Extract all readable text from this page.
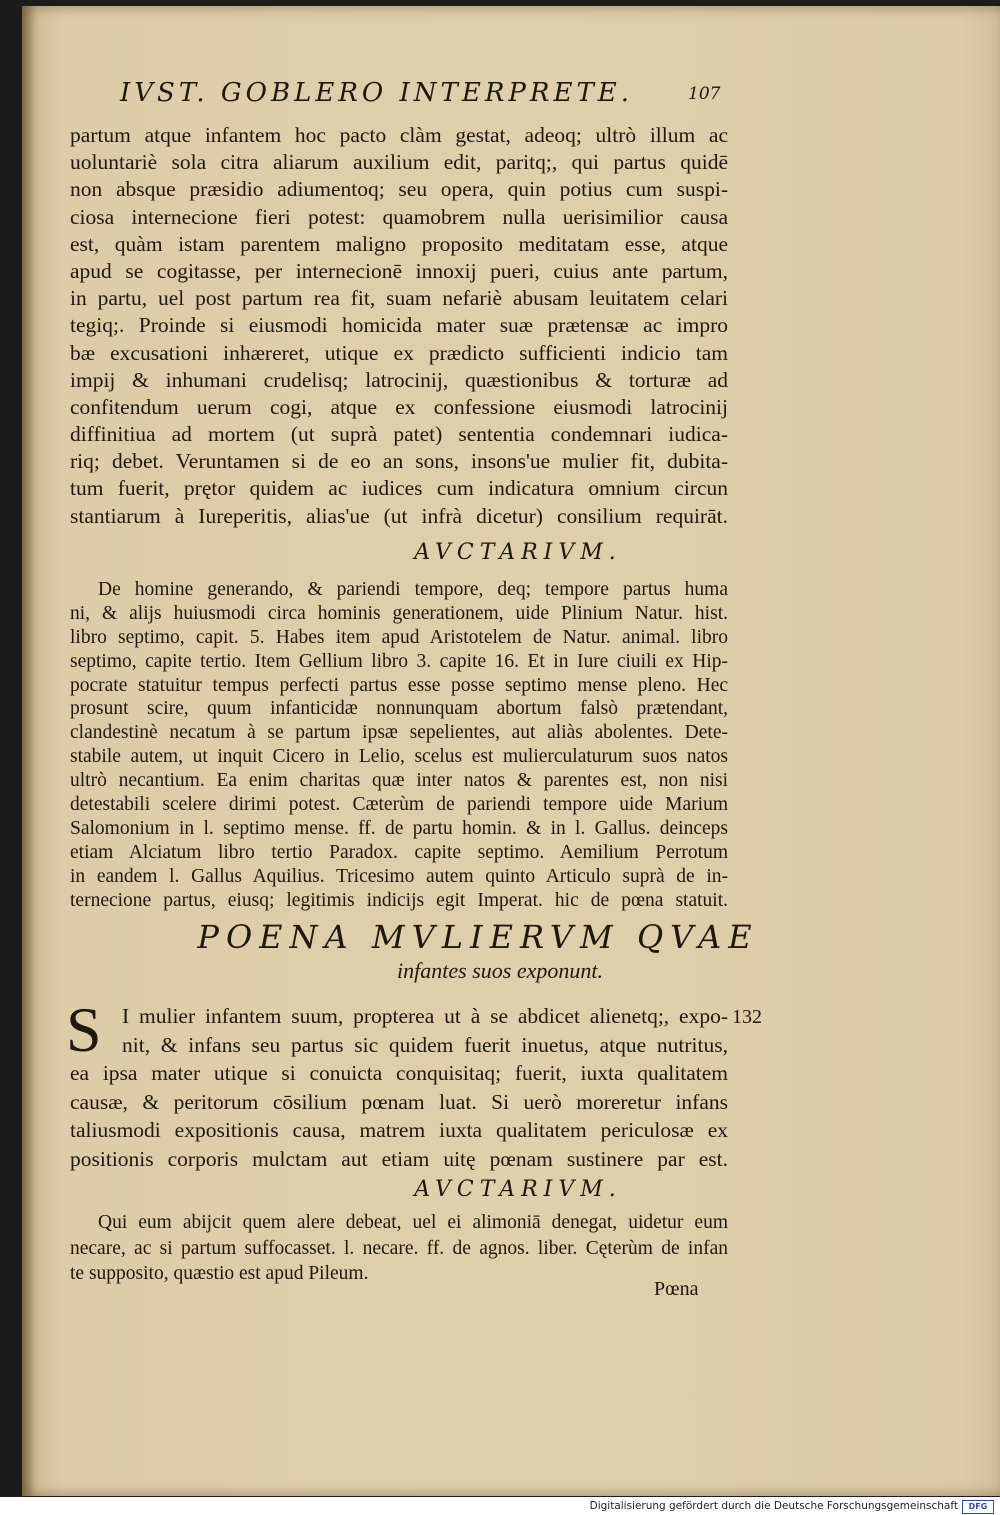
IVST. GOBLERO INTERPRETE.	107
partum atque infantem hoc pacto clàm gestat, adeoq; ultrò illum ac
uoluntariè sola citra aliarum auxilium edit, paritq;, qui partus quidē
non absque præsidio adiumentoq; seu opera, quin potius cum suspi-
ciosa internecione fieri potest: quamobrem nulla uerisimilior causa
est, quàm istam parentem maligno proposito meditatam esse, atque
apud se cogitasse, per internecionē innoxij pueri, cuius ante partum,
in partu, uel post partum rea fit, suam nefariè abusam leuitatem celari
tegiq;. Proinde si eiusmodi homicida mater suæ prætensæ ac impro
bæ excusationi inhæreret, utique ex prædicto sufficienti indicio tam
impij & inhumani crudelisq; latrocinij, quæstionibus & torturæ ad
confitendum uerum cogi, atque ex confessione eiusmodi latrocinij
diffinitiua ad mortem (ut suprà patet) sententia condemnari iudica-
riq; debet. Veruntamen si de eo an sons, insons'ue mulier fit, dubita-
tum fuerit, prętor quidem ac iudices cum indicatura omnium circun
stantiarum à Iureperitis, alias'ue (ut infrà dicetur) consilium requirāt.
AVCTARIVM.
De homine generando, & pariendi tempore, deq; tempore partus huma
ni, & alijs huiusmodi circa hominis generationem, uide Plinium Natur. hist.
libro septimo, capit. 5. Habes item apud Aristotelem de Natur. animal. libro
septimo, capite tertio. Item Gellium libro 3. capite 16. Et in Iure ciuili ex Hip-
pocrate statuitur tempus perfecti partus esse posse septimo mense pleno. Hec
prosunt scire, quum infanticidæ nonnunquam abortum falsò prætendant,
clandestinè necatum à se partum ipsæ sepelientes, aut aliàs abolentes. Dete-
stabile autem, ut inquit Cicero in Lelio, scelus est mulierculaturum suos natos
ultrò necantium. Ea enim charitas quæ inter natos & parentes est, non nisi
detestabili scelere dirimi potest. Cæterùm de pariendi tempore uide Marium
Salomonium in l. septimo mense. ff. de partu homin. & in l. Gallus. deinceps
etiam Alciatum libro tertio Paradox. capite septimo. Aemilium Perrotum
in eandem l. Gallus Aquilius. Tricesimo autem quinto Articulo suprà de in-
ternecione partus, eiusq; legitimis indicijs egit Imperat. hic de pœna statuit.
POENA MVLIERVM QVAE
infantes suos exponunt.
S	132
I mulier infantem suum, propterea ut à se abdicet alienetq;, expo-
nit, & infans seu partus sic quidem fuerit inuetus, atque nutritus,
ea ipsa mater utique si conuicta conquisitaq; fuerit, iuxta qualitatem
causæ, & peritorum cōsilium pœnam luat. Si uerò moreretur infans
taliusmodi expositionis causa, matrem iuxta qualitatem periculosæ ex
positionis corporis mulctam aut etiam uitę pœnam sustinere par est.
AVCTARIVM.
Qui eum abijcit quem alere debeat, uel ei alimoniā denegat, uidetur eum
necare, ac si partum suffocasset. l. necare. ff. de agnos. liber. Cęterùm de infan
te supposito, quæstio est apud Pileum.
Pœna
Digitalisierung gefördert durch die Deutsche Forschungsgemeinschaft	DFG
